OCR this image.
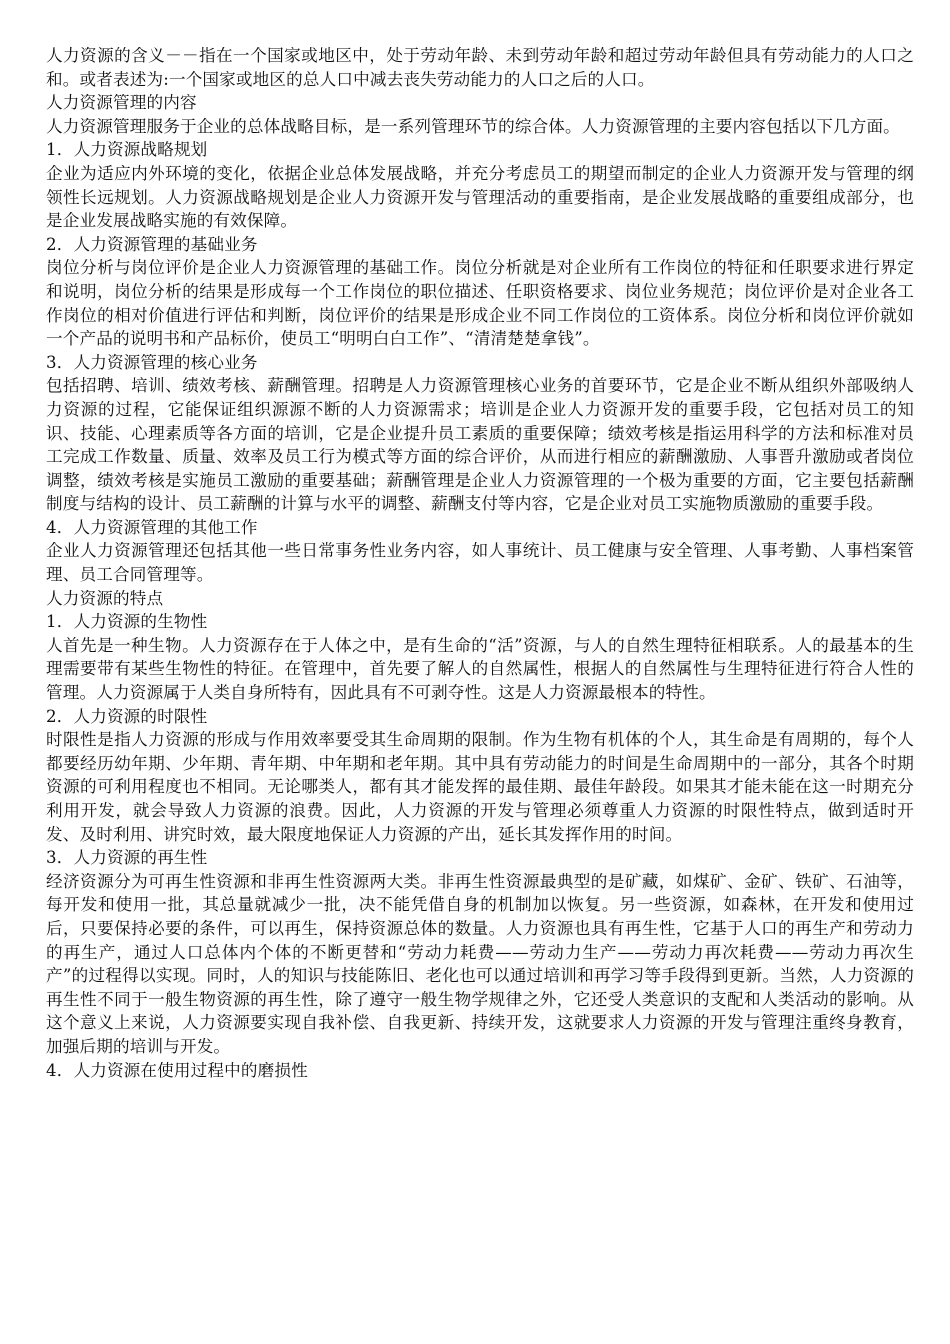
人力资源的含义－－指在一个国家或地区中，处于劳动年龄、未到劳动年龄和超过劳动年龄但具有劳动能力的人口之和。或者表述为:一个国家或地区的总人口中减去丧失劳动能力的人口之后的人口。

人力资源管理的内容

人力资源管理服务于企业的总体战略目标，是一系列管理环节的综合体。人力资源管理的主要内容包括以下几方面。

1．人力资源战略规划

企业为适应内外环境的变化，依据企业总体发展战略，并充分考虑员工的期望而制定的企业人力资源开发与管理的纲领性长远规划。人力资源战略规划是企业人力资源开发与管理活动的重要指南，是企业发展战略的重要组成部分，也是企业发展战略实施的有效保障。

2．人力资源管理的基础业务

岗位分析与岗位评价是企业人力资源管理的基础工作。岗位分析就是对企业所有工作岗位的特征和任职要求进行界定和说明，岗位分析的结果是形成每一个工作岗位的职位描述、任职资格要求、岗位业务规范；岗位评价是对企业各工作岗位的相对价值进行评估和判断，岗位评价的结果是形成企业不同工作岗位的工资体系。岗位分析和岗位评价就如一个产品的说明书和产品标价，使员工“明明白白工作”、“清清楚楚拿钱”。

3．人力资源管理的核心业务

包括招聘、培训、绩效考核、薪酬管理。招聘是人力资源管理核心业务的首要环节，它是企业不断从组织外部吸纳人力资源的过程，它能保证组织源源不断的人力资源需求；培训是企业人力资源开发的重要手段，它包括对员工的知识、技能、心理素质等各方面的培训，它是企业提升员工素质的重要保障；绩效考核是指运用科学的方法和标准对员工完成工作数量、质量、效率及员工行为模式等方面的综合评价，从而进行相应的薪酬激励、人事晋升激励或者岗位调整，绩效考核是实施员工激励的重要基础；薪酬管理是企业人力资源管理的一个极为重要的方面，它主要包括薪酬制度与结构的设计、员工薪酬的计算与水平的调整、薪酬支付等内容，它是企业对员工实施物质激励的重要手段。

4．人力资源管理的其他工作

企业人力资源管理还包括其他一些日常事务性业务内容，如人事统计、员工健康与安全管理、人事考勤、人事档案管理、员工合同管理等。

人力资源的特点

1．人力资源的生物性

人首先是一种生物。人力资源存在于人体之中，是有生命的“活”资源，与人的自然生理特征相联系。人的最基本的生理需要带有某些生物性的特征。在管理中，首先要了解人的自然属性，根据人的自然属性与生理特征进行符合人性的管理。人力资源属于人类自身所特有，因此具有不可剥夺性。这是人力资源最根本的特性。

2．人力资源的时限性

时限性是指人力资源的形成与作用效率要受其生命周期的限制。作为生物有机体的个人，其生命是有周期的，每个人都要经历幼年期、少年期、青年期、中年期和老年期。其中具有劳动能力的时间是生命周期中的一部分，其各个时期资源的可利用程度也不相同。无论哪类人，都有其才能发挥的最佳期、最佳年龄段。如果其才能未能在这一时期充分利用开发，就会导致人力资源的浪费。因此，人力资源的开发与管理必须尊重人力资源的时限性特点，做到适时开发、及时利用、讲究时效，最大限度地保证人力资源的产出，延长其发挥作用的时间。

3．人力资源的再生性

经济资源分为可再生性资源和非再生性资源两大类。非再生性资源最典型的是矿藏，如煤矿、金矿、铁矿、石油等，每开发和使用一批，其总量就减少一批，决不能凭借自身的机制加以恢复。另一些资源，如森林，在开发和使用过后，只要保持必要的条件，可以再生，保持资源总体的数量。人力资源也具有再生性，它基于人口的再生产和劳动力的再生产，通过人口总体内个体的不断更替和“劳动力耗费——劳动力生产——劳动力再次耗费——劳动力再次生产”的过程得以实现。同时，人的知识与技能陈旧、老化也可以通过培训和再学习等手段得到更新。当然，人力资源的再生性不同于一般生物资源的再生性，除了遵守一般生物学规律之外，它还受人类意识的支配和人类活动的影响。从这个意义上来说，人力资源要实现自我补偿、自我更新、持续开发，这就要求人力资源的开发与管理注重终身教育，加强后期的培训与开发。

4．人力资源在使用过程中的磨损性
